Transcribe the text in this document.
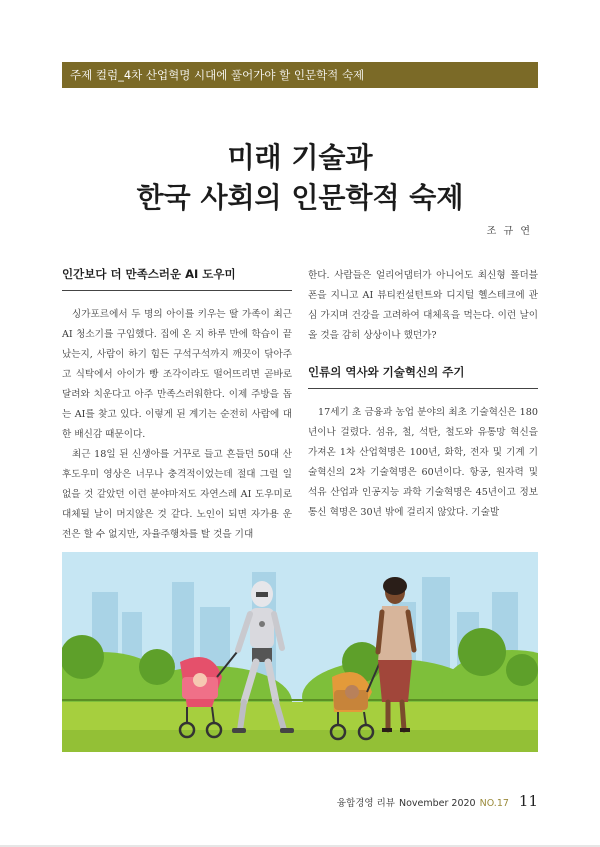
주제 컬럼_4차 산업혁명 시대에 풀어가야 할 인문학적 숙제
미래 기술과
한국 사회의 인문학적 숙제
조 규 연
인간보다 더 만족스러운 AI 도우미

싱가포르에서 두 명의 아이를 키우는 딸 가족이 최근 AI 청소기를 구입했다. 집에 온 지 하루 만에 학습이 끝났는지, 사람이 하기 힘든 구석구석까지 깨끗이 닦아주고 식탁에서 아이가 빵 조각이라도 떨어뜨리면 곧바로 달려와 치운다고 아주 만족스러워한다. 이제 주방을 돕는 AI를 찾고 있다. 이렇게 된 계기는 순전히 사람에 대한 배신감 때문이다.

최근 18일 된 신생아를 거꾸로 들고 흔들던 50대 산후도우미 영상은 너무나 충격적이었는데 절대 그럴 일 없을 것 같았던 이런 분야마저도 자연스레 AI 도우미로 대체될 날이 머지않은 것 같다. 노인이 되면 자가용 운전은 할 수 없지만, 자율주행차를 탈 것을 기대

한다. 사람들은 얼리어댑터가 아니어도 최신형 폴더블폰을 지니고 AI 뷰티컨설턴트와 디지털 헬스테크에 관심 가지며 건강을 고려하여 대체육을 먹는다. 이런 날이 올 것을 감히 상상이나 했던가?

인류의 역사와 기술혁신의 주기

17세기 초 금융과 농업 분야의 최초 기술혁신은 180년이나 걸렸다. 섬유, 철, 석탄, 철도와 유통망 혁신을 가져온 1차 산업혁명은 100년, 화학, 전자 및 기계 기술혁신의 2차 기술혁명은 60년이다. 항공, 원자력 및 석유 산업과 인공지능 과학 기술혁명은 45년이고 정보통신 혁명은 30년 밖에 걸리지 않았다. 기술발

융합경영 리뷰 November 2020 NO.17 11
